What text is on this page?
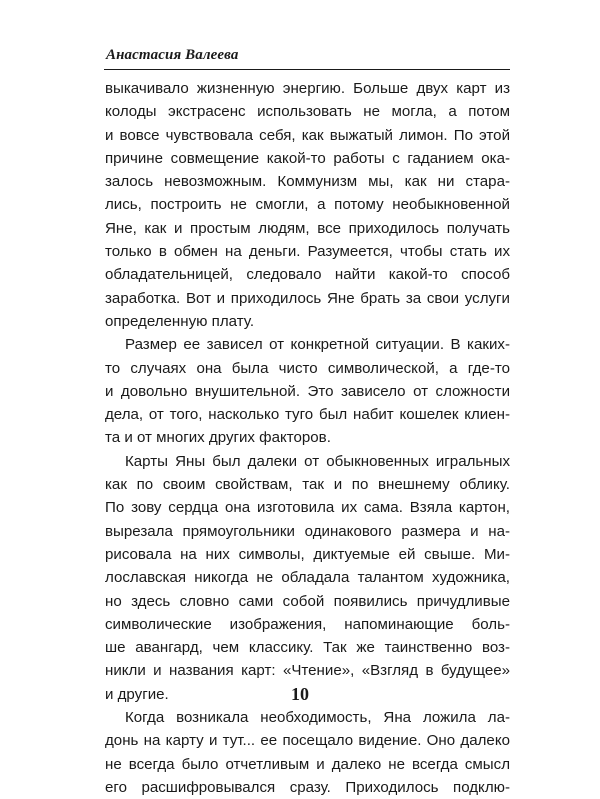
Анастасия Валеева

выкачивало жизненную энергию. Больше двух карт из
колоды экстрасенс использовать не могла, а потом
и вовсе чувствовала себя, как выжатый лимон. По этой
причине совмещение какой-то работы с гаданием ока-
залось невозможным. Коммунизм мы, как ни стара-
лись, построить не смогли, а потому необыкновенной
Яне, как и простым людям, все приходилось получать
только в обмен на деньги. Разумеется, чтобы стать их
обладательницей, следовало найти какой-то способ
заработка. Вот и приходилось Яне брать за свои услуги
определенную плату.

Размер ее зависел от конкретной ситуации. В каких-
то случаях она была чисто символической, а где-то
и довольно внушительной. Это зависело от сложности
дела, от того, насколько туго был набит кошелек клиен-
та и от многих других факторов.

Карты Яны был далеки от обыкновенных игральных
как по своим свойствам, так и по внешнему облику.
По зову сердца она изготовила их сама. Взяла картон,
вырезала прямоугольники одинакового размера и на-
рисовала на них символы, диктуемые ей свыше. Ми-
лославская никогда не обладала талантом художника,
но здесь словно сами собой появились причудливые
символические изображения, напоминающие боль-
ше авангард, чем классику. Так же таинственно воз-
никли и названия карт: «Чтение», «Взгляд в будущее»
и другие.

Когда возникала необходимость, Яна ложила ла-
донь на карту и тут... ее посещало видение. Оно далеко
не всегда было отчетливым и далеко не всегда смысл
его расшифровывался сразу. Приходилось подклю-

10
